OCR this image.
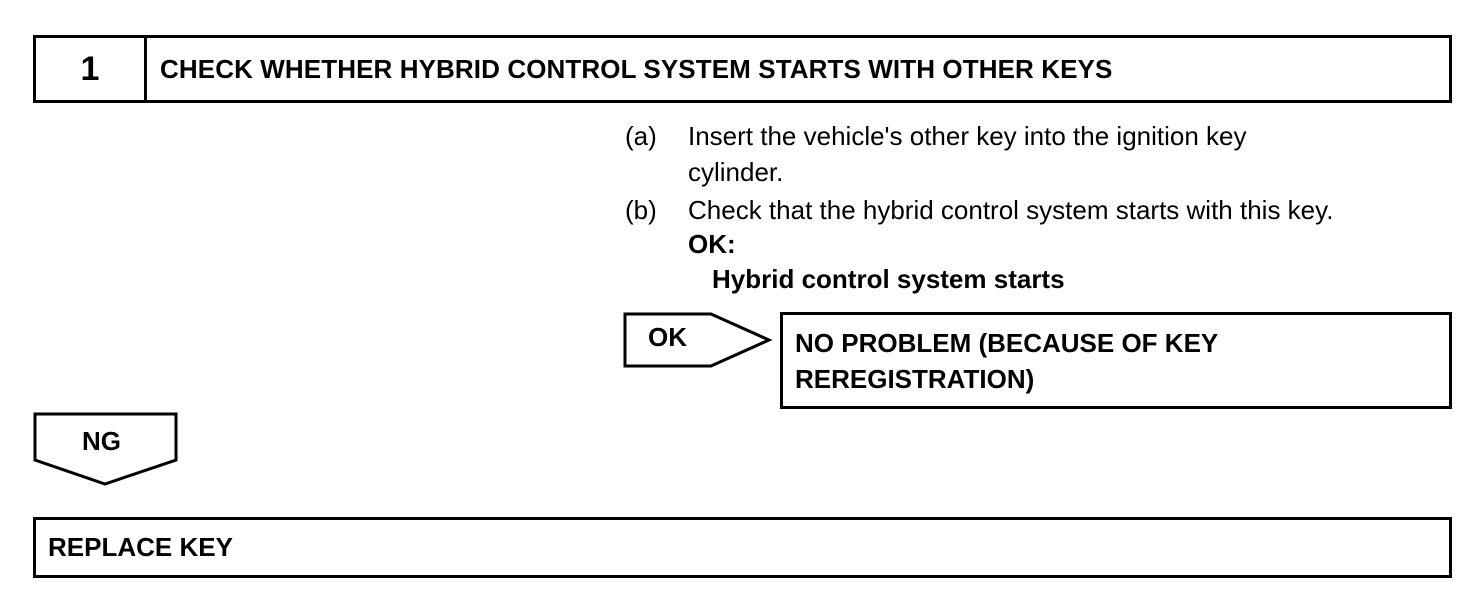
1	CHECK WHETHER HYBRID CONTROL SYSTEM STARTS WITH OTHER KEYS
(a) Insert the vehicle's other key into the ignition key
cylinder.
(b) Check that the hybrid control system starts with this key.
OK:
Hybrid control system starts
OK	NO PROBLEM (BECAUSE OF KEY
REREGISTRATION)
NG
REPLACE KEY
